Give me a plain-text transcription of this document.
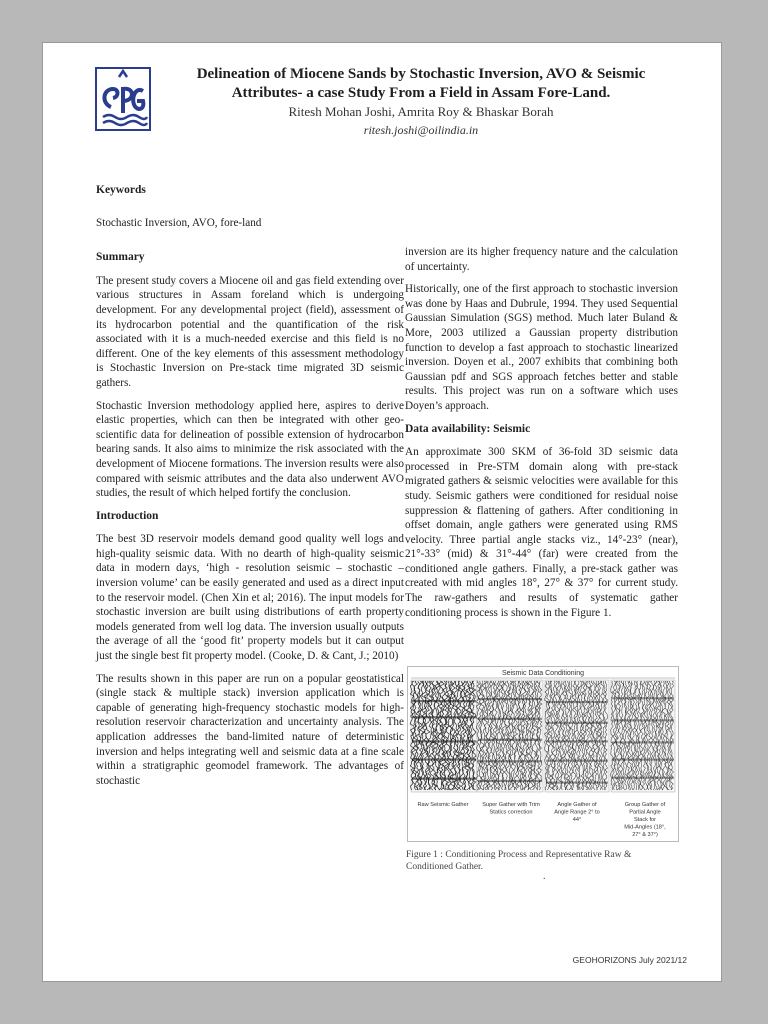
Delineation of Miocene Sands by Stochastic Inversion, AVO & Seismic
Attributes- a case Study From a Field in Assam Fore-Land.
Ritesh Mohan Joshi, Amrita Roy & Bhaskar Borah
ritesh.joshi@oilindia.in
Keywords

Stochastic Inversion, AVO, fore-land

Summary

The present study covers a Miocene oil and gas field extending over various structures in Assam foreland which is undergoing development. For any developmental project (field), assessment of its hydrocarbon potential and the quantification of the risk associated with it is a much-needed exercise and this field is no different. One of the key elements of this assessment methodology is Stochastic Inversion on Pre-stack time migrated 3D seismic gathers.

Stochastic Inversion methodology applied here, aspires to derive elastic properties, which can then be integrated with other geo-scientific data for delineation of possible extension of hydrocarbon bearing sands. It also aims to minimize the risk associated with the development of Miocene formations. The inversion results were also compared with seismic attributes and the data also underwent AVO studies, the result of which helped fortify the conclusion.

Introduction

The best 3D reservoir models demand good quality well logs and high-quality seismic data. With no dearth of high-quality seismic data in modern days, ‘high - resolution seismic – stochastic – inversion volume’ can be easily generated and used as a direct input to the reservoir model. (Chen Xin et al; 2016). The input models for stochastic inversion are built using distributions of earth property models generated from well log data. The inversion usually outputs the average of all the ‘good fit’ property models but it can output just the single best fit property model. (Cooke, D. & Cant, J.; 2010)

The results shown in this paper are run on a popular geostatistical (single stack & multiple stack) inversion application which is capable of generating high-frequency stochastic models for high-resolution reservoir characterization and uncertainty analysis. The application addresses the band-limited nature of deterministic inversion and helps integrating well and seismic data at a fine scale within a stratigraphic geomodel framework. The advantages of stochastic

inversion are its higher frequency nature and the calculation of uncertainty.

Historically, one of the first approach to stochastic inversion was done by Haas and Dubrule, 1994. They used Sequential Gaussian Simulation (SGS) method. Much later Buland & More, 2003 utilized a Gaussian property distribution function to develop a fast approach to stochastic linearized inversion. Doyen et al., 2007 exhibits that combining both Gaussian pdf and SGS approach fetches better and stable results. This project was run on a software which uses Doyen’s approach.

Data availability: Seismic

An approximate 300 SKM of 36-fold 3D seismic data processed in Pre-STM domain along with pre-stack migrated gathers & seismic velocities were available for this study. Seismic gathers were conditioned for residual noise suppression & flattening of gathers. After conditioning in offset domain, angle gathers were generated using RMS velocity. Three partial angle stacks viz., 14°-23° (near), 21°-33° (mid) & 31°-44° (far) were created from the conditioned angle gathers. Finally, a pre-stack gather was created with mid angles 18°, 27° & 37° for current study. The raw-gathers and results of systematic gather conditioning process is shown in the Figure 1.

Seismic Data Conditioning
Raw Seismic Gather Super Gather with Trim Statics correction
Angle Gather of Angle Range 2° to 44°
Group Gather of Partial Angle Stack for Mid-Angles (18°, 27° & 37°)
Figure 1 : Conditioning Process and Representative Raw & Conditioned Gather.
.
GEOHORIZONS July 2021/12
